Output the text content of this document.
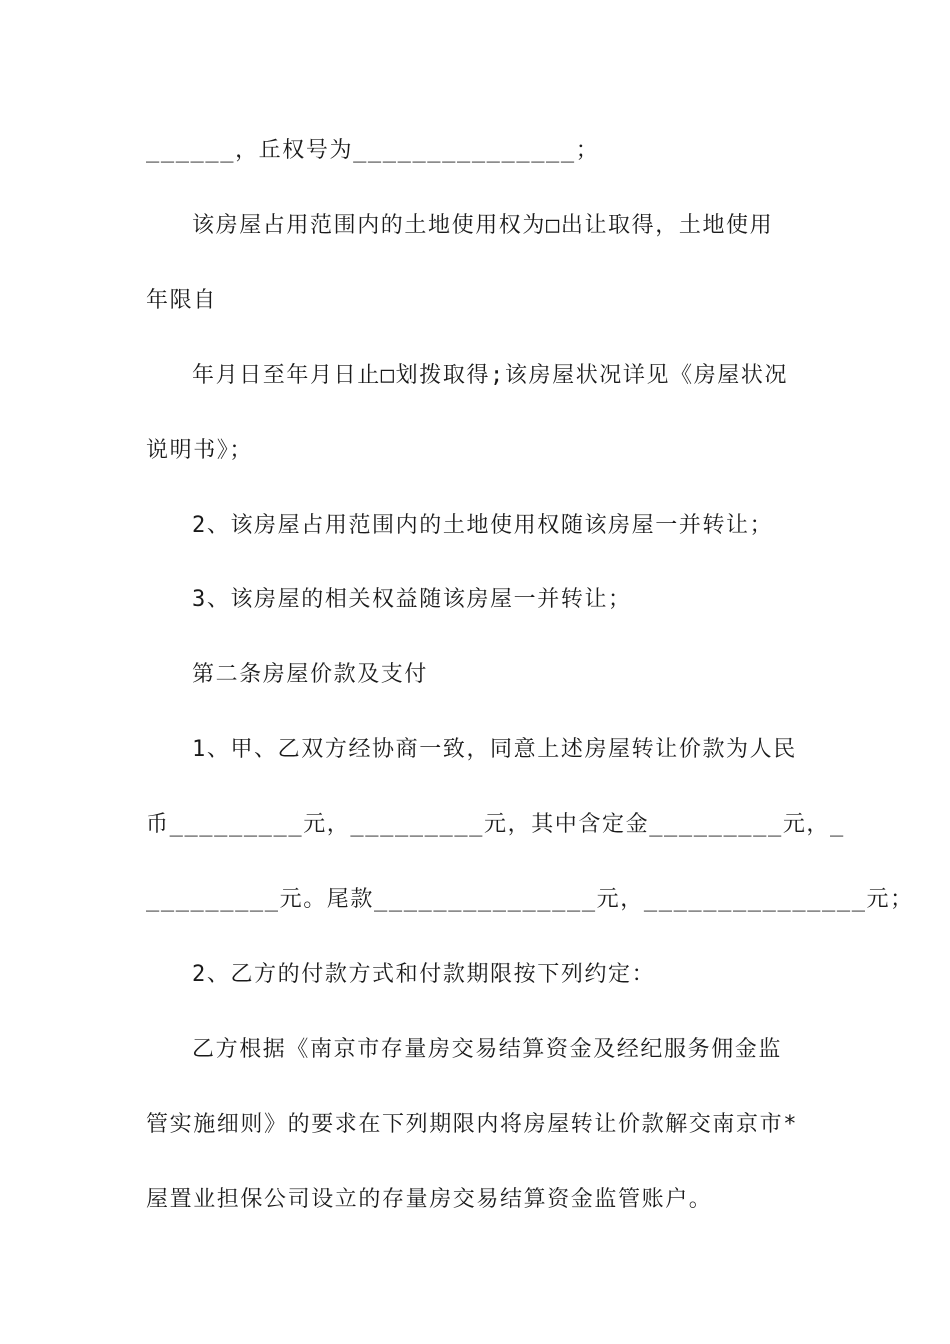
______，丘权号为_______________；
该房屋占用范围内的土地使用权为□出让取得，土地使用
年限自
年月日至年月日止□划拨取得;该房屋状况详见《房屋状况
说明书》；
2、该房屋占用范围内的土地使用权随该房屋一并转让；
3、该房屋的相关权益随该房屋一并转让；
第二条房屋价款及支付
1、甲、乙双方经协商一致，同意上述房屋转让价款为人民
币_________元，_________元，其中含定金_________元，_
_________元。尾款_______________元，_______________元；
2、乙方的付款方式和付款期限按下列约定：
乙方根据《南京市存量房交易结算资金及经纪服务佣金监
管实施细则》的要求在下列期限内将房屋转让价款解交南京市*
屋置业担保公司设立的存量房交易结算资金监管账户。
